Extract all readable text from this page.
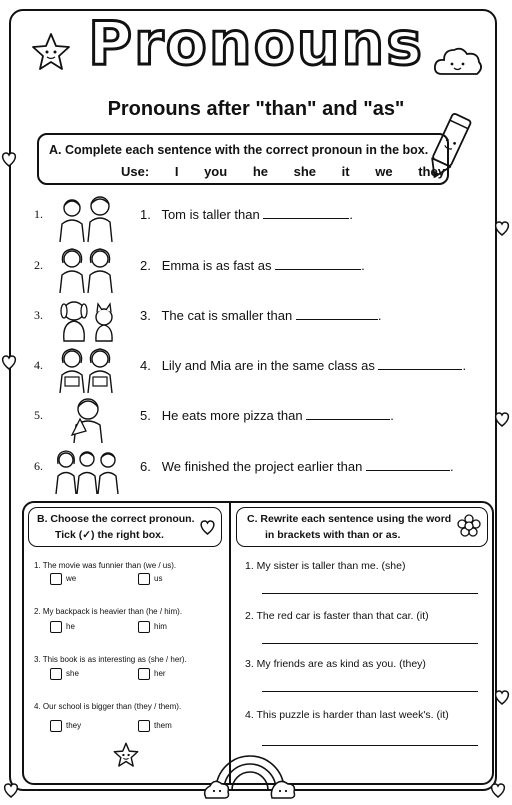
Pronouns
Pronouns after "than" and "as"
A. Complete each sentence with the correct pronoun in the box.
Use: I you he she it we they
1.	1. Tom is taller than	.
2.	2. Emma is as fast as	.
3.	3. The cat is smaller than	.
4.	4. Lily and Mia are in the same class as	.
5.	5. He eats more pizza than	.
6.	6. We finished the project earlier than	.
B. Choose the correct pronoun.
Tick (✓) the right box.
1. The movie was funnier than (we / us).
we	us
2. My backpack is heavier than (he / him).
he	him
3. This book is as interesting as (she / her).
she	her
4. Our school is bigger than (they / them).
they	them
C. Rewrite each sentence using the word
in brackets with than or as.
1. My sister is taller than me. (she)
2. The red car is faster than that car. (it)
3. My friends are as kind as you. (they)
4. This puzzle is harder than last week's. (it)
